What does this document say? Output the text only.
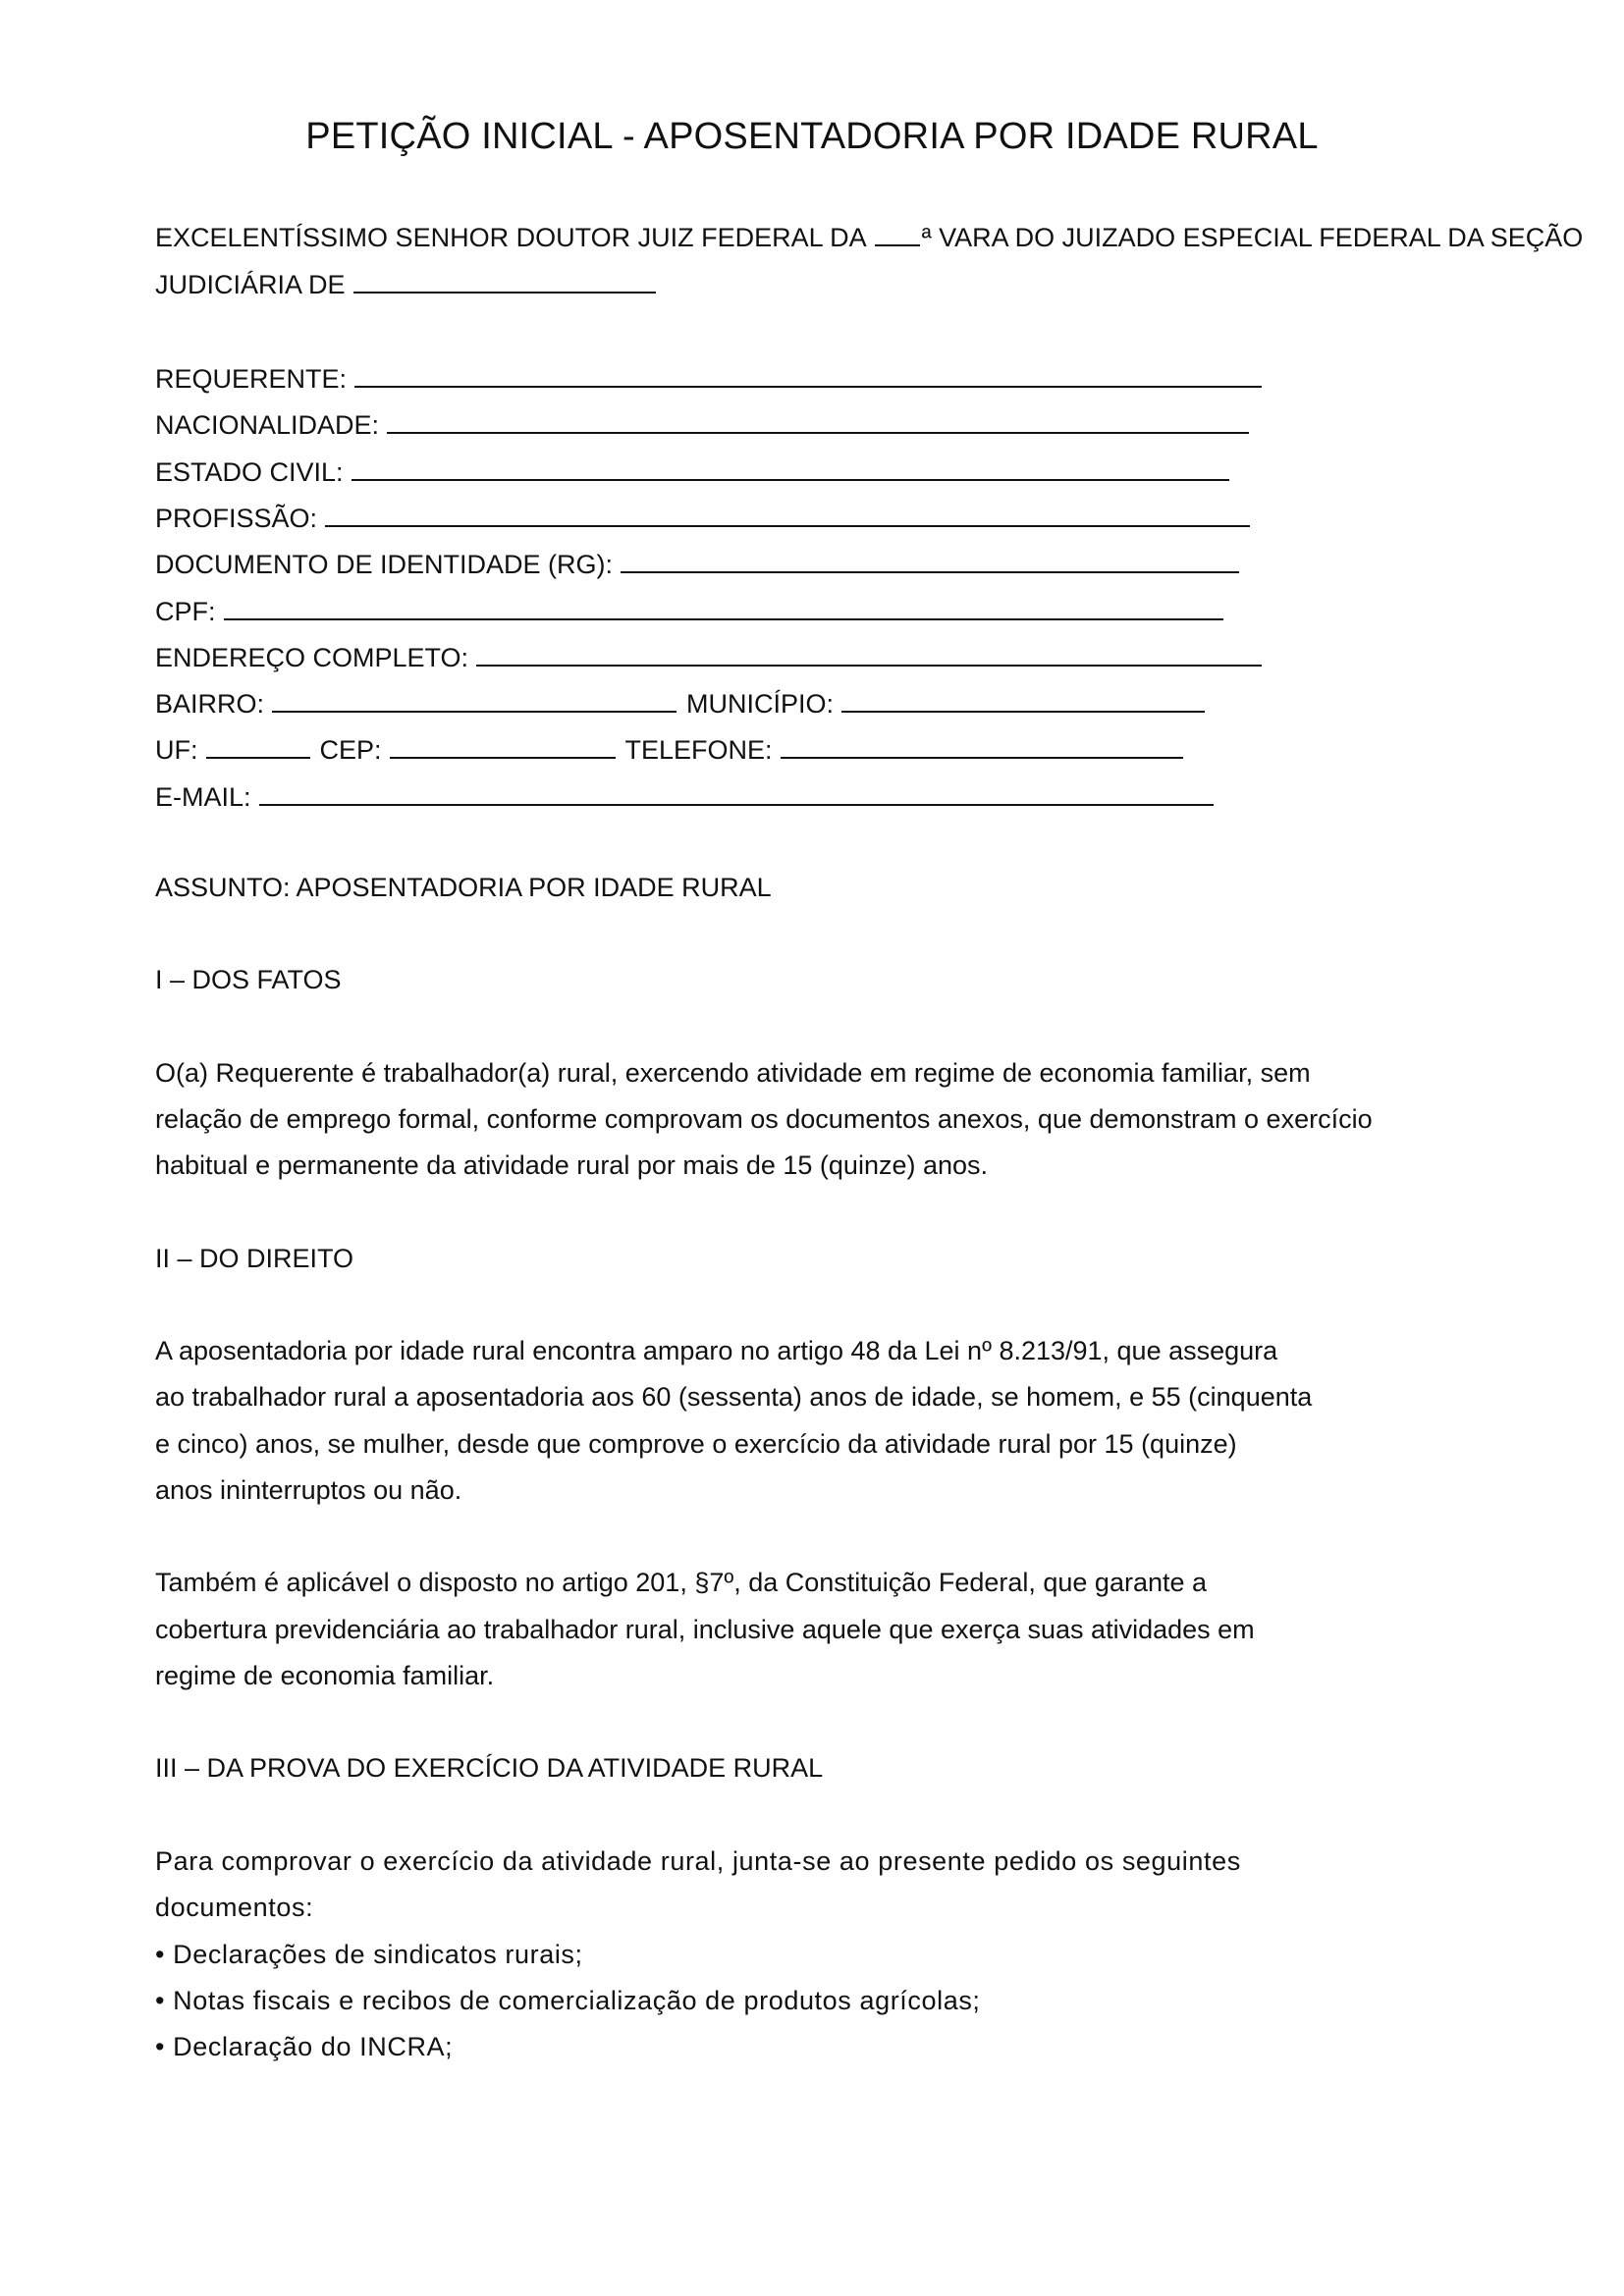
PETIÇÃO INICIAL - APOSENTADORIA POR IDADE RURAL
EXCELENTÍSSIMO SENHOR DOUTOR JUIZ FEDERAL DA ª VARA DO JUIZADO ESPECIAL FEDERAL DA SEÇÃO
JUDICIÁRIA DE
REQUERENTE:
NACIONALIDADE:
ESTADO CIVIL:
PROFISSÃO:
DOCUMENTO DE IDENTIDADE (RG):
CPF:
ENDEREÇO COMPLETO:
BAIRRO:	MUNICÍPIO:
UF:	CEP:	TELEFONE:
E-MAIL:
ASSUNTO: APOSENTADORIA POR IDADE RURAL
I – DOS FATOS
O(a) Requerente é trabalhador(a) rural, exercendo atividade em regime de economia familiar, sem
relação de emprego formal, conforme comprovam os documentos anexos, que demonstram o exercício
habitual e permanente da atividade rural por mais de 15 (quinze) anos.
II – DO DIREITO
A aposentadoria por idade rural encontra amparo no artigo 48 da Lei nº 8.213/91, que assegura
ao trabalhador rural a aposentadoria aos 60 (sessenta) anos de idade, se homem, e 55 (cinquenta
e cinco) anos, se mulher, desde que comprove o exercício da atividade rural por 15 (quinze)
anos ininterruptos ou não.
Também é aplicável o disposto no artigo 201, §7º, da Constituição Federal, que garante a
cobertura previdenciária ao trabalhador rural, inclusive aquele que exerça suas atividades em
regime de economia familiar.
III – DA PROVA DO EXERCÍCIO DA ATIVIDADE RURAL
Para comprovar o exercício da atividade rural, junta-se ao presente pedido os seguintes
documentos:
• Declarações de sindicatos rurais;
• Notas fiscais e recibos de comercialização de produtos agrícolas;
• Declaração do INCRA;
